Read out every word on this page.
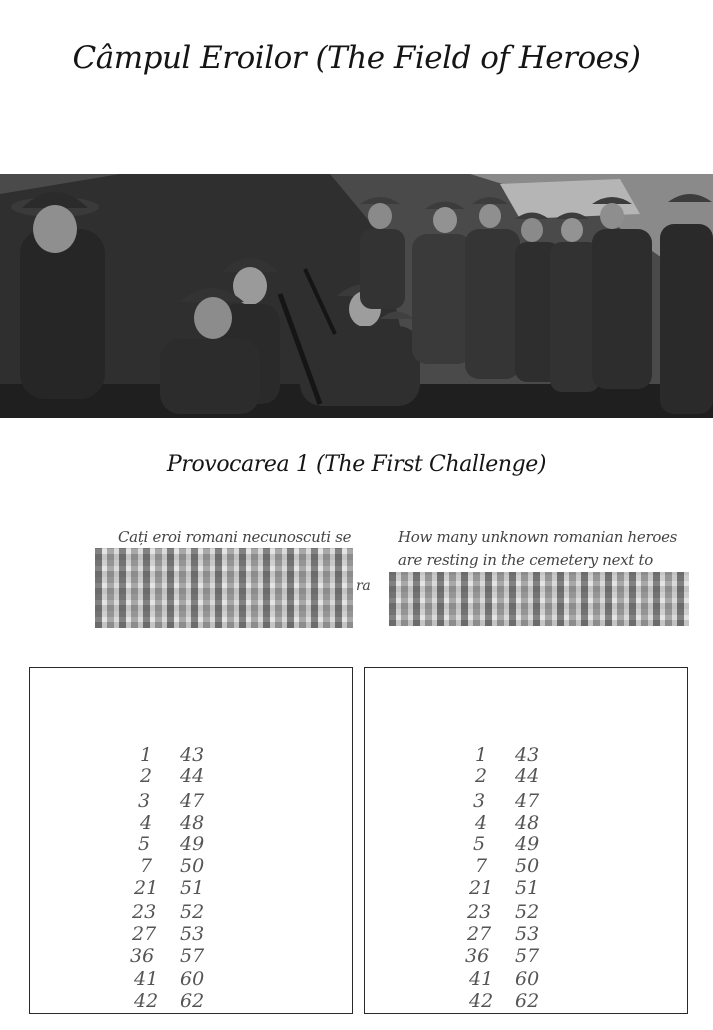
Câmpul Eroilor (The Field of Heroes)
Provocarea 1 (The First Challenge)
Cați eroi romani necunoscuti se	How many unknown romanian heroes
are resting in the cemetery next to
ra
1
2
3
4
5
7
21
23
27
36
41
42
43
44
47
48
49
50
51
52
53
57
60
62
1
2
3
4
5
7
21
23
27
36
41
42
43
44
47
48
49
50
51
52
53
57
60
62
